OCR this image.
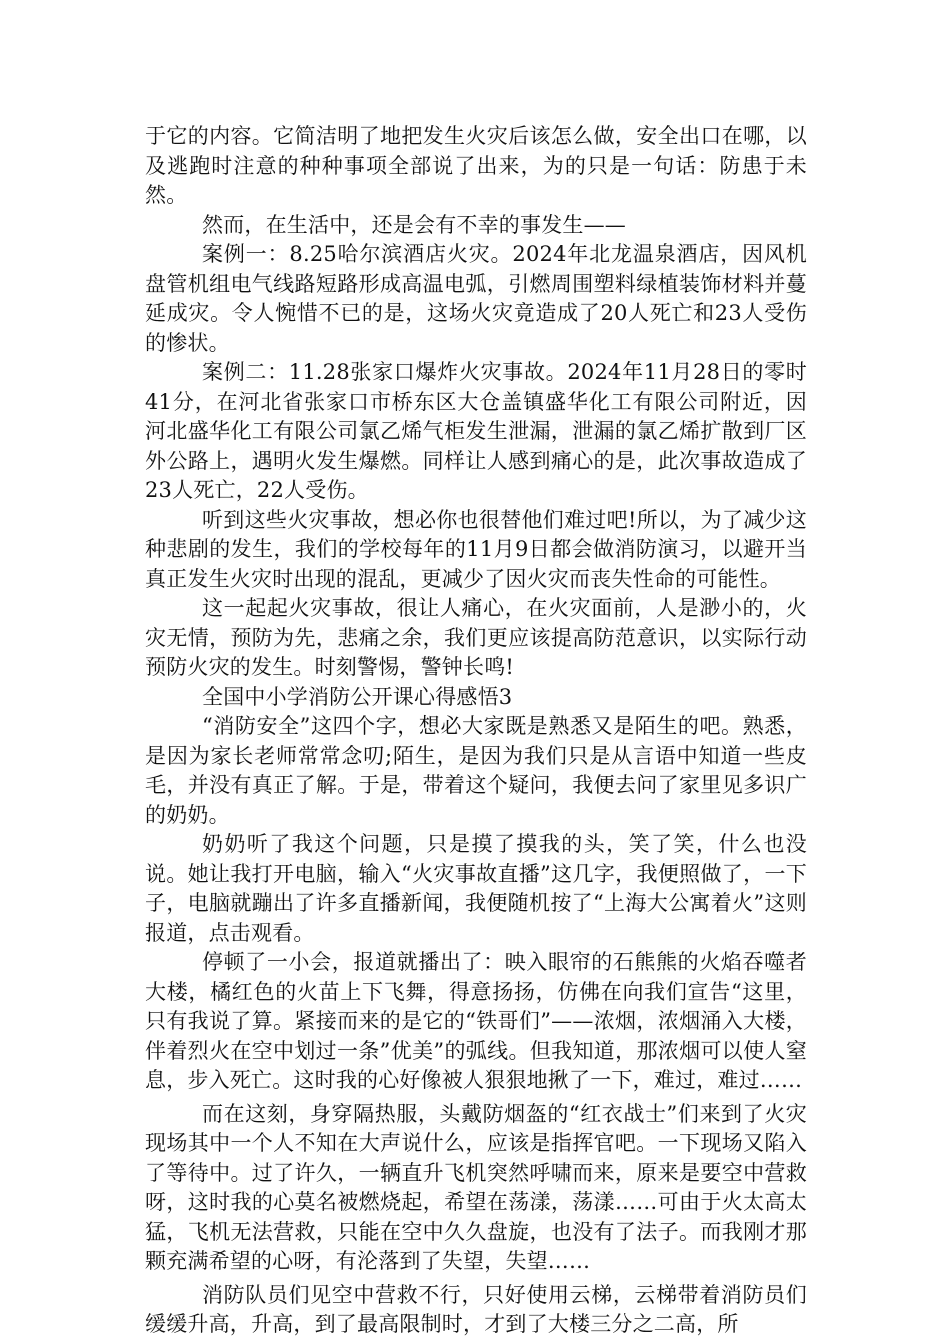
于它的内容。它简洁明了地把发生火灾后该怎么做，安全出口在哪，以及逃跑时注意的种种事项全部说了出来，为的只是一句话：防患于未然。

然而，在生活中，还是会有不幸的事发生——

案例一：8.25哈尔滨酒店火灾。2024年北龙温泉酒店，因风机盘管机组电气线路短路形成高温电弧，引燃周围塑料绿植装饰材料并蔓延成灾。令人惋惜不已的是，这场火灾竟造成了20人死亡和23人受伤的惨状。

案例二：11.28张家口爆炸火灾事故。2024年11月28日的零时41分，在河北省张家口市桥东区大仓盖镇盛华化工有限公司附近，因河北盛华化工有限公司氯乙烯气柜发生泄漏，泄漏的氯乙烯扩散到厂区外公路上，遇明火发生爆燃。同样让人感到痛心的是，此次事故造成了23人死亡，22人受伤。

听到这些火灾事故，想必你也很替他们难过吧!所以，为了减少这种悲剧的发生，我们的学校每年的11月9日都会做消防演习，以避开当真正发生火灾时出现的混乱，更减少了因火灾而丧失性命的可能性。

这一起起火灾事故，很让人痛心，在火灾面前，人是渺小的，火灾无情，预防为先，悲痛之余，我们更应该提高防范意识，以实际行动预防火灾的发生。时刻警惕，警钟长鸣!

全国中小学消防公开课心得感悟3

“消防安全”这四个字，想必大家既是熟悉又是陌生的吧。熟悉，是因为家长老师常常念叨;陌生，是因为我们只是从言语中知道一些皮毛，并没有真正了解。于是，带着这个疑问，我便去问了家里见多识广的奶奶。

奶奶听了我这个问题，只是摸了摸我的头，笑了笑，什么也没说。她让我打开电脑，输入“火灾事故直播”这几字，我便照做了，一下子，电脑就蹦出了许多直播新闻，我便随机按了“上海大公寓着火”这则报道，点击观看。

停顿了一小会，报道就播出了：映入眼帘的石熊熊的火焰吞噬者大楼，橘红色的火苗上下飞舞，得意扬扬，仿佛在向我们宣告“这里，只有我说了算。紧接而来的是它的“铁哥们”——浓烟，浓烟涌入大楼，伴着烈火在空中划过一条”优美”的弧线。但我知道，那浓烟可以使人窒息，步入死亡。这时我的心好像被人狠狠地揪了一下，难过，难过……

而在这刻，身穿隔热服，头戴防烟盔的“红衣战士”们来到了火灾现场其中一个人不知在大声说什么，应该是指挥官吧。一下现场又陷入了等待中。过了许久，一辆直升飞机突然呼啸而来，原来是要空中营救呀，这时我的心莫名被燃烧起，希望在荡漾，荡漾……可由于火太高太猛，飞机无法营救，只能在空中久久盘旋，也没有了法子。而我刚才那颗充满希望的心呀，有沦落到了失望，失望……

消防队员们见空中营救不行，只好使用云梯，云梯带着消防员们缓缓升高，升高，到了最高限制时，才到了大楼三分之二高，所
